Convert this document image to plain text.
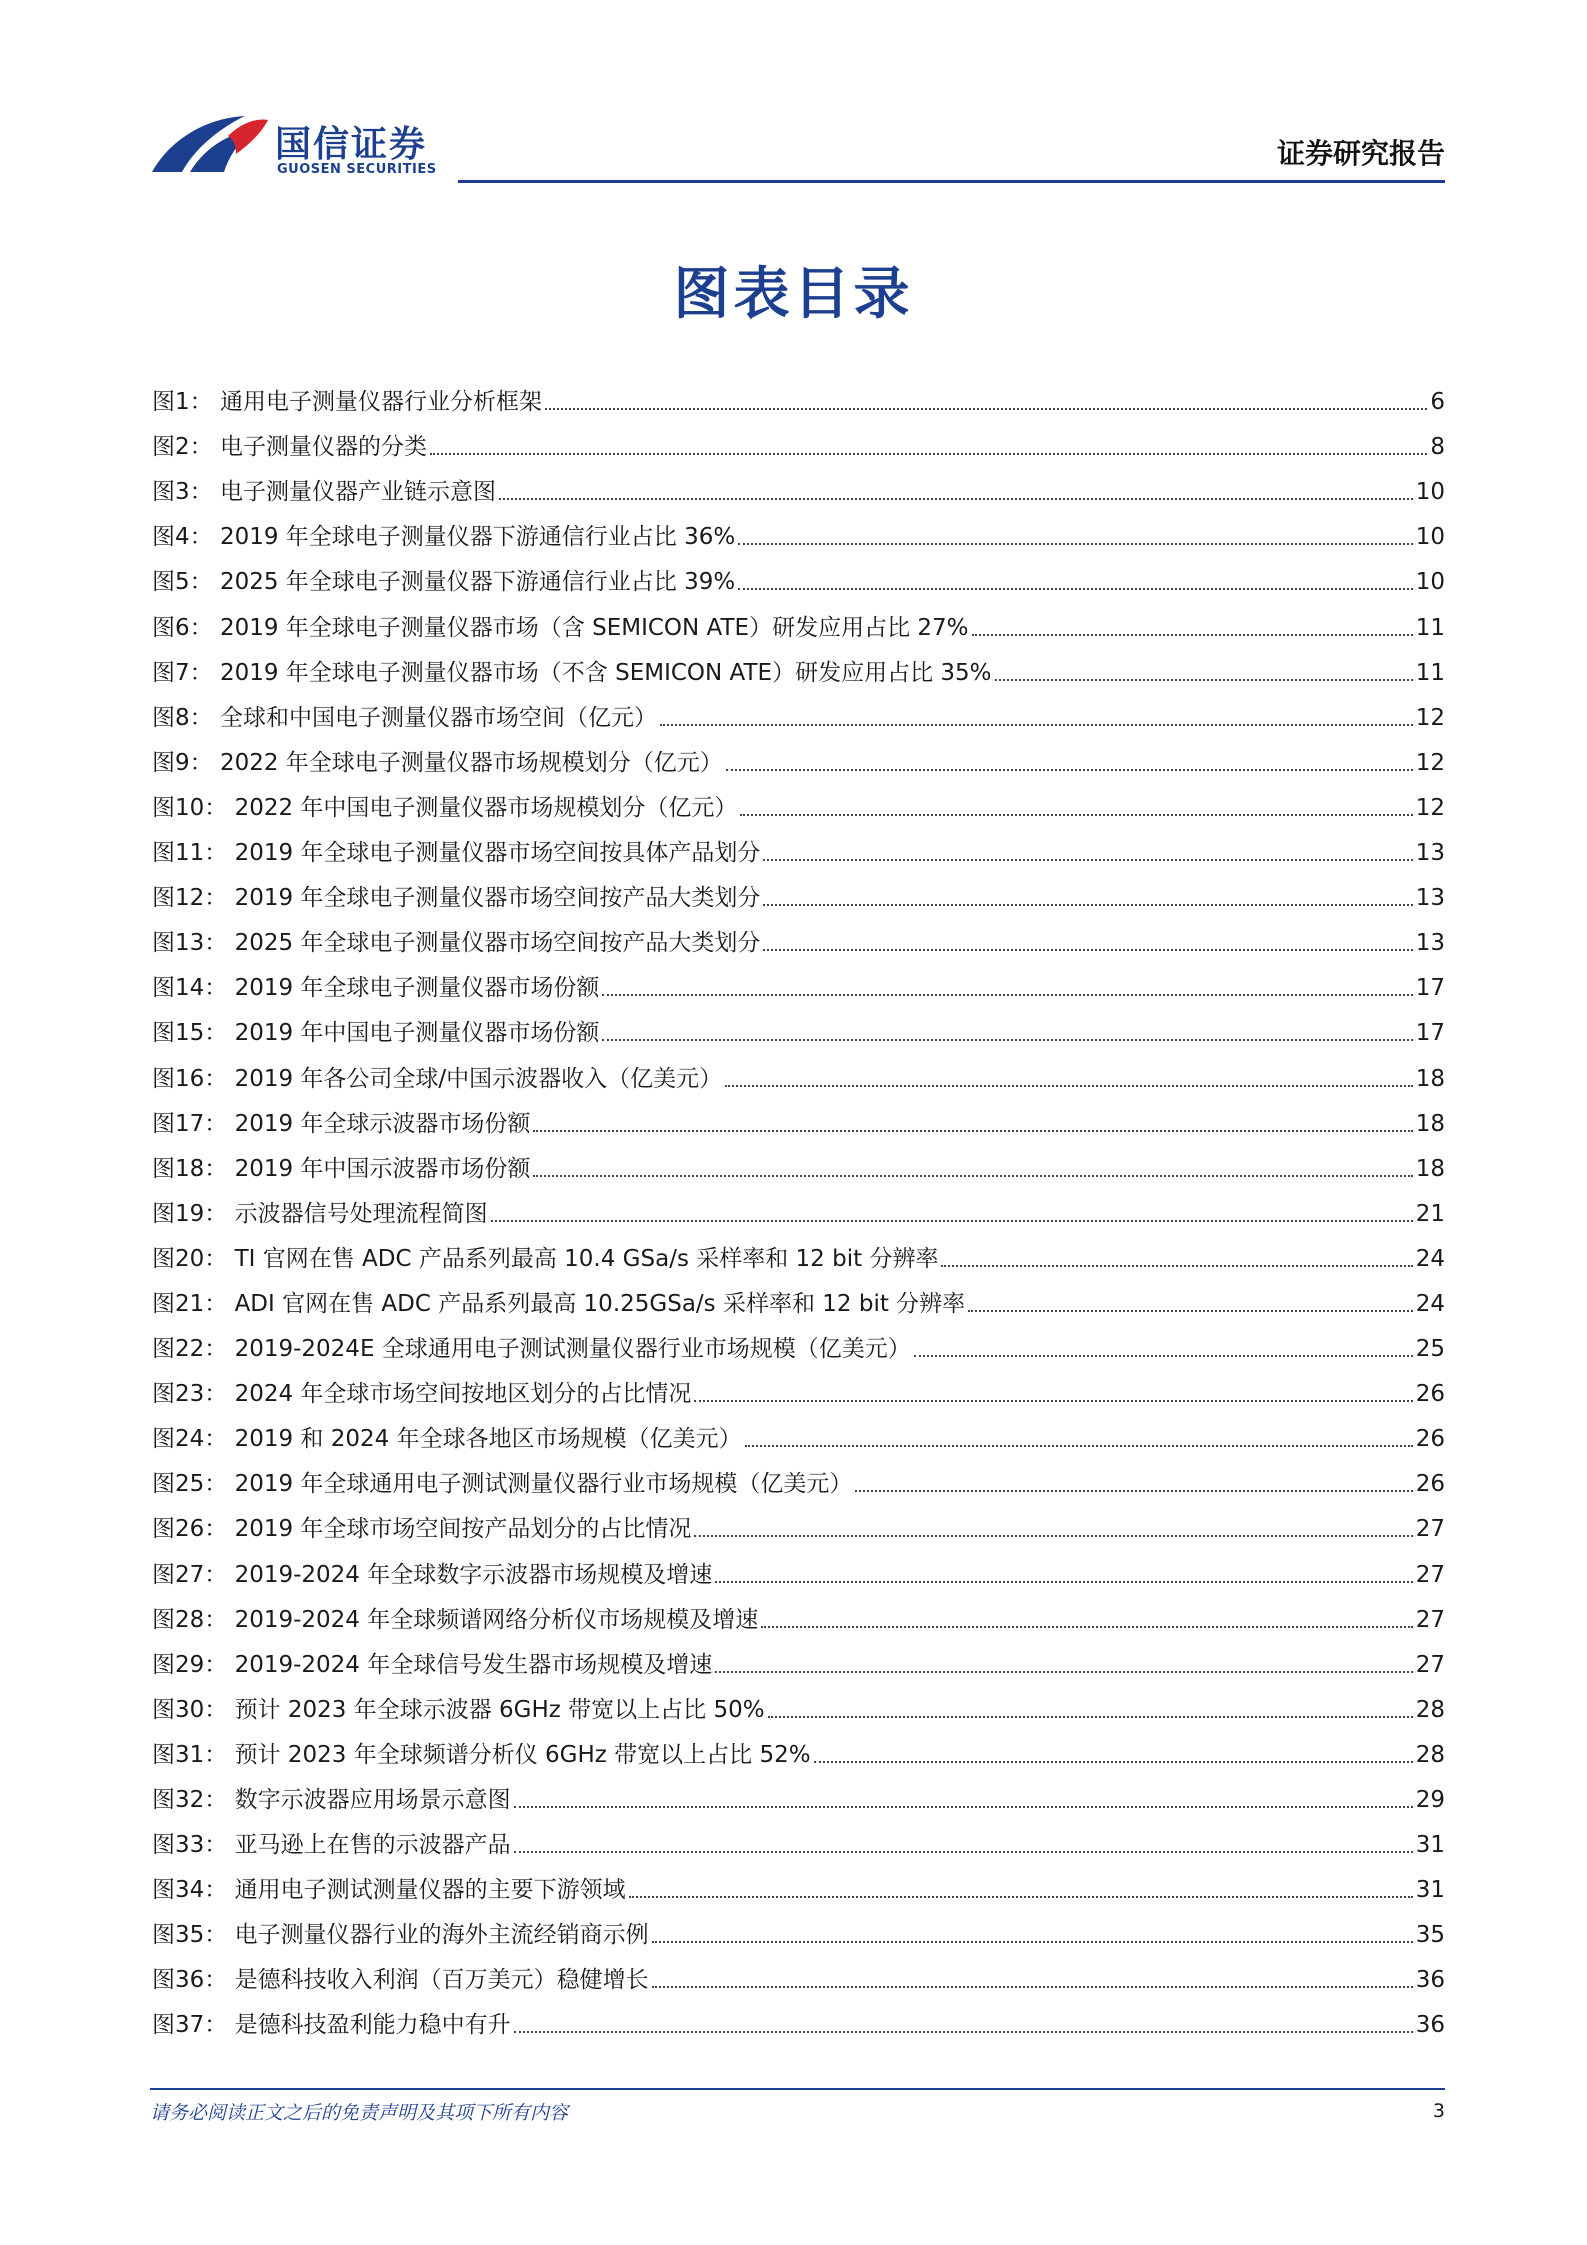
国信证券
GUOSEN SECURITIES	证券研究报告
图表目录
图1： 通用电子测量仪器行业分析框架	6
图2： 电子测量仪器的分类	8
图3： 电子测量仪器产业链示意图	10
图4： 2019 年全球电子测量仪器下游通信行业占比 36%	10
图5： 2025 年全球电子测量仪器下游通信行业占比 39%	10
图6： 2019 年全球电子测量仪器市场（含 SEMICON ATE）研发应用占比 27%	11
图7： 2019 年全球电子测量仪器市场（不含 SEMICON ATE）研发应用占比 35%	11
图8： 全球和中国电子测量仪器市场空间（亿元）	12
图9： 2022 年全球电子测量仪器市场规模划分（亿元）	12
图10： 2022 年中国电子测量仪器市场规模划分（亿元）	12
图11： 2019 年全球电子测量仪器市场空间按具体产品划分	13
图12： 2019 年全球电子测量仪器市场空间按产品大类划分	13
图13： 2025 年全球电子测量仪器市场空间按产品大类划分	13
图14： 2019 年全球电子测量仪器市场份额	17
图15： 2019 年中国电子测量仪器市场份额	17
图16： 2019 年各公司全球/中国示波器收入（亿美元）	18
图17： 2019 年全球示波器市场份额	18
图18： 2019 年中国示波器市场份额	18
图19： 示波器信号处理流程简图	21
图20： TI 官网在售 ADC 产品系列最高 10.4 GSa/s 采样率和 12 bit 分辨率	24
图21： ADI 官网在售 ADC 产品系列最高 10.25GSa/s 采样率和 12 bit 分辨率	24
图22： 2019-2024E 全球通用电子测试测量仪器行业市场规模（亿美元）	25
图23： 2024 年全球市场空间按地区划分的占比情况	26
图24： 2019 和 2024 年全球各地区市场规模（亿美元）	26
图25： 2019 年全球通用电子测试测量仪器行业市场规模（亿美元）	26
图26： 2019 年全球市场空间按产品划分的占比情况	27
图27： 2019-2024 年全球数字示波器市场规模及增速	27
图28： 2019-2024 年全球频谱网络分析仪市场规模及增速	27
图29： 2019-2024 年全球信号发生器市场规模及增速	27
图30： 预计 2023 年全球示波器 6GHz 带宽以上占比 50%	28
图31： 预计 2023 年全球频谱分析仪 6GHz 带宽以上占比 52%	28
图32： 数字示波器应用场景示意图	29
图33： 亚马逊上在售的示波器产品	31
图34： 通用电子测试测量仪器的主要下游领域	31
图35： 电子测量仪器行业的海外主流经销商示例	35
图36： 是德科技收入利润（百万美元）稳健增长	36
图37： 是德科技盈利能力稳中有升	36
请务必阅读正文之后的免责声明及其项下所有内容	3
